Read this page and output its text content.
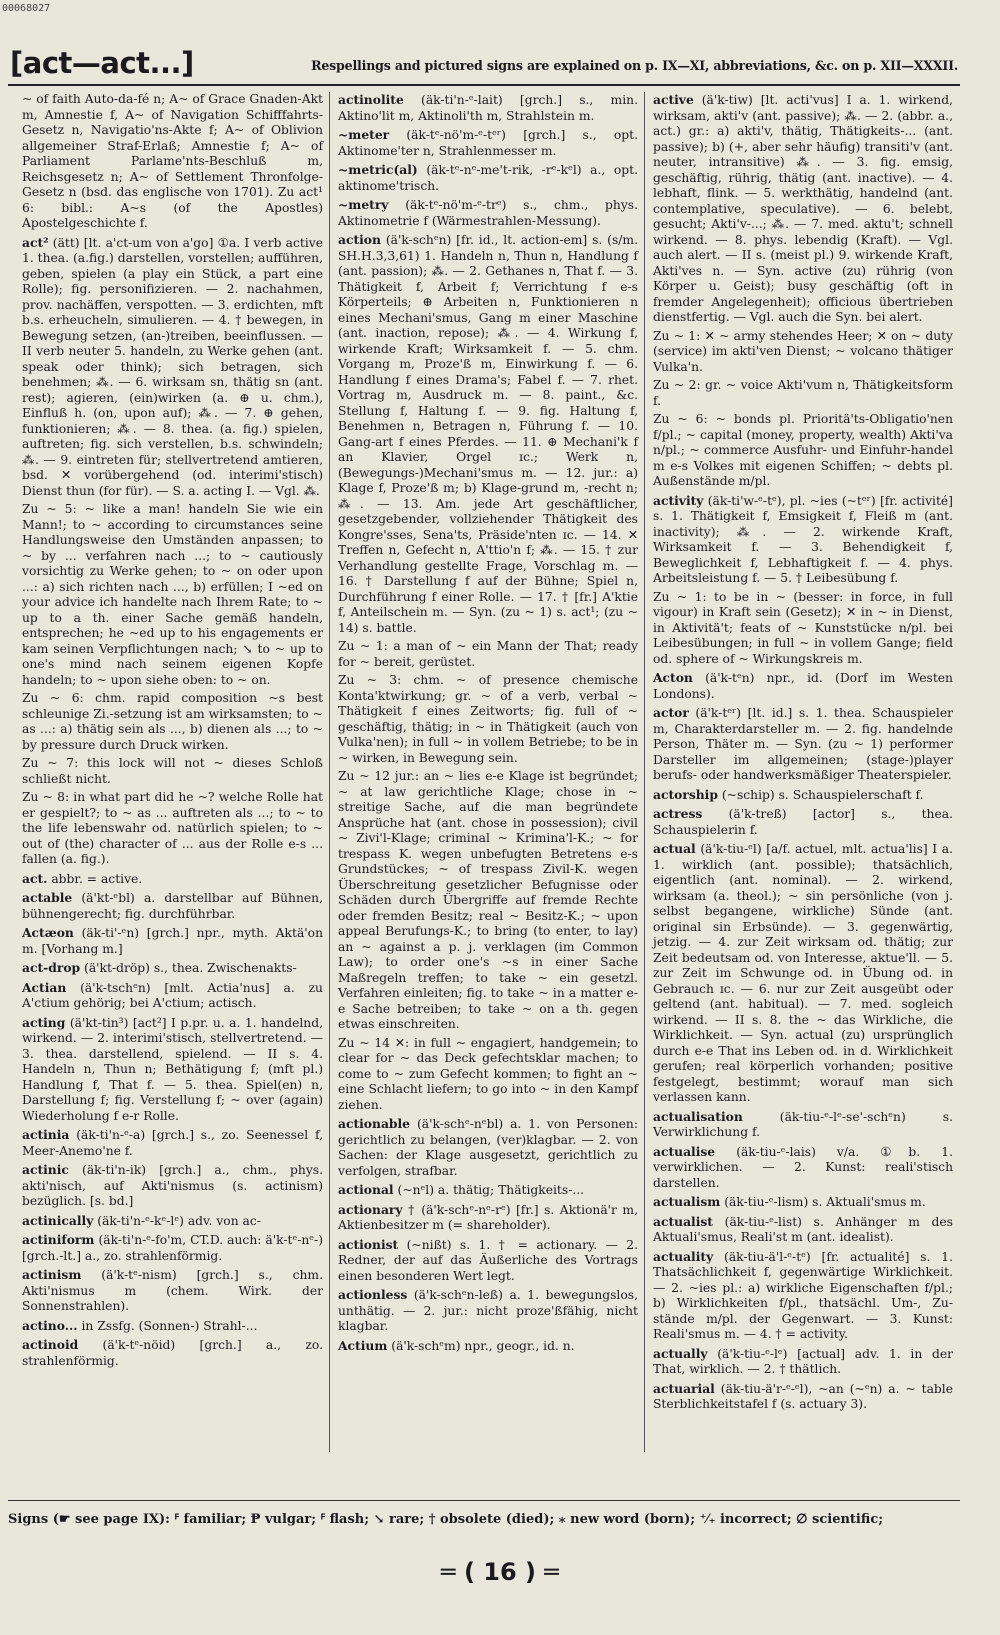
00068027
[act—act...]	Respellings and pictured signs are explained on p. IX—XI, abbreviations, &c. on p. XII—XXXII.

~ of faith Auto-da-fé n; A~ of Grace Gnaden-Akt m, Amnestie f, A~ of Navigation Schifffahrts-Gesetz n, Navigatio'ns-Akte f; A~ of Oblivion allgemeiner Straf-Erlaß; Amnestie f; A~ of Parliament Parlame'nts-Beschluß m, Reichsgesetz n; A~ of Settlement Thronfolge-Gesetz n (bsd. das englische von 1701). Zu act¹ 6: bibl.: A~s (of the Apostles) Apostelgeschichte f.

act² (ätt) [lt. a'ct-um von a'go] ①a. I verb active 1. thea. (a.fig.) darstellen, vorstellen; aufführen, geben, spielen (a play ein Stück, a part eine Rolle); fig. personifizieren. — 2. nachahmen, prov. nachäffen, verspotten. — 3. erdichten, mft b.s. erheucheln, simulieren. — 4. † bewegen, in Bewegung setzen, (an-)treiben, beeinflussen. — II verb neuter 5. handeln, zu Werke gehen (ant. speak oder think); sich betragen, sich benehmen; ⁂. — 6. wirksam sn, thätig sn (ant. rest); agieren, (ein)wirken (a. ⊕ u. chm.), Einfluß h. (on, upon auf); ⁂. — 7. ⊕ gehen, funktionieren; ⁂. — 8. thea. (a. fig.) spielen, auftreten; fig. sich verstellen, b.s. schwindeln; ⁂. — 9. eintreten für; stellvertretend amtieren, bsd. ✕ vorübergehend (od. interimi'stisch) Dienst thun (for für). — S. a. acting I. — Vgl. ⁂.

Zu ~ 5: ~ like a man! handeln Sie wie ein Mann!; to ~ according to circumstances seine Handlungsweise den Umständen anpassen; to ~ by ... verfahren nach ...; to ~ cautiously vorsichtig zu Werke gehen; to ~ on oder upon ...: a) sich richten nach ..., b) erfüllen; I ~ed on your advice ich handelte nach Ihrem Rate; to ~ up to a th. einer Sache gemäß handeln, entsprechen; he ~ed up to his engagements er kam seinen Verpflichtungen nach; ↘ to ~ up to one's mind nach seinem eigenen Kopfe handeln; to ~ upon siehe oben: to ~ on.

Zu ~ 6: chm. rapid composition ~s best schleunige Zi.-setzung ist am wirksamsten; to ~ as ...: a) thätig sein als ..., b) dienen als ...; to ~ by pressure durch Druck wirken.

Zu ~ 7: this lock will not ~ dieses Schloß schließt nicht.

Zu ~ 8: in what part did he ~? welche Rolle hat er gespielt?; to ~ as ... auftreten als ...; to ~ to the life lebenswahr od. natürlich spielen; to ~ out of (the) character of ... aus der Rolle e-s ... fallen (a. fig.).

act. abbr. = active.

actable (ä'kt-ᵉbl) a. darstellbar auf Bühnen, bühnengerecht; fig. durchführbar.

Actæon (äk-ti'-ᵉn) [grch.] npr., myth. Aktä'on m. [Vorhang m.]

act-drop (ä'kt-dröp) s., thea. Zwischenakts-

Actian (ä'k-tschᵉn) [mlt. Actia'nus] a. zu A'ctium gehörig; bei A'ctium; actisch.

acting (ä'kt-tin³) [act²] I p.pr. u. a. 1. handelnd, wirkend. — 2. interimi'stisch, stellvertretend. — 3. thea. darstellend, spielend. — II s. 4. Handeln n, Thun n; Bethätigung f; (mft pl.) Handlung f, That f. — 5. thea. Spiel(en) n, Darstellung f; fig. Verstellung f; ~ over (again) Wiederholung f e-r Rolle.

actinia (äk-ti'n-ᵉ-a) [grch.] s., zo. Seenessel f, Meer-Anemo'ne f.

actinic (äk-ti'n-ik) [grch.] a., chm., phys. akti'nisch, auf Akti'nismus (s. actinism) bezüglich. [s. bd.]

actinically (äk-ti'n-ᵉ-kᵉ-lᵉ) adv. von ac-

actiniform (äk-ti'n-ᵉ-fo'm, CT.D. auch: ä'k-tᵉ-nᵉ-) [grch.-lt.] a., zo. strahlenförmig.

actinism (ä'k-tᵉ-nism) [grch.] s., chm. Akti'nismus m (chem. Wirk. der Sonnenstrahlen).

actino... in Zssfg. (Sonnen-) Strahl-...

actinoid (ä'k-tᵉ-nöid) [grch.] a., zo. strahlenförmig.

actinolite (äk-ti'n-ᵉ-lait) [grch.] s., min. Aktino'lit m, Aktinoli'th m, Strahlstein m.

~meter (äk-tᵉ-nö'm-ᵉ-tᵉʳ) [grch.] s., opt. Aktinome'ter n, Strahlenmesser m.

~metric(al) (äk-tᵉ-nᵉ-me't-rik, -rᵉ-kᵉl) a., opt. aktinome'trisch.

~metry (äk-tᵉ-nö'm-ᵉ-trᵉ) s., chm., phys. Aktinometrie f (Wärmestrahlen-Messung).

action (ä'k-schᵉn) [fr. id., lt. action-em] s. (s/m. SH.H.3,3,61) 1. Handeln n, Thun n, Handlung f (ant. passion); ⁂. — 2. Gethanes n, That f. — 3. Thätigkeit f, Arbeit f; Verrichtung f e-s Körperteils; ⊕ Arbeiten n, Funktionieren n eines Mechani'smus, Gang m einer Maschine (ant. inaction, repose); ⁂. — 4. Wirkung f, wirkende Kraft; Wirksamkeit f. — 5. chm. Vorgang m, Proze'ß m, Einwirkung f. — 6. Handlung f eines Drama's; Fabel f. — 7. rhet. Vortrag m, Ausdruck m. — 8. paint., &c. Stellung f, Haltung f. — 9. fig. Haltung f, Benehmen n, Betragen n, Führung f. — 10. Gang-art f eines Pferdes. — 11. ⊕ Mechani'k f an Klavier, Orgel ɪc.; Werk n, (Bewegungs-)Mechani'smus m. — 12. jur.: a) Klage f, Proze'ß m; b) Klage-grund m, -recht n; ⁂. — 13. Am. jede Art geschäftlicher, gesetzgebender, vollziehender Thätigkeit des Kongre'sses, Sena'ts, Präside'nten ɪc. — 14. ✕ Treffen n, Gefecht n, A'ttio'n f; ⁂. — 15. † zur Verhandlung gestellte Frage, Vorschlag m. — 16. † Darstellung f auf der Bühne; Spiel n, Durchführung f einer Rolle. — 17. † [fr.] A'ktie f, Anteilschein m. — Syn. (zu ~ 1) s. act¹; (zu ~ 14) s. battle.

Zu ~ 1: a man of ~ ein Mann der That; ready for ~ bereit, gerüstet.

Zu ~ 3: chm. ~ of presence chemische Konta'ktwirkung; gr. ~ of a verb, verbal ~ Thätigkeit f eines Zeitworts; fig. full of ~ geschäftig, thätig; in ~ in Thätigkeit (auch von Vulka'nen); in full ~ in vollem Betriebe; to be in ~ wirken, in Bewegung sein.

Zu ~ 12 jur.: an ~ lies e-e Klage ist begründet; ~ at law gerichtliche Klage; chose in ~ streitige Sache, auf die man begründete Ansprüche hat (ant. chose in possession); civil ~ Zivi'l-Klage; criminal ~ Krimina'l-K.; ~ for trespass K. wegen unbefugten Betretens e-s Grundstückes; ~ of trespass Zivil-K. wegen Überschreitung gesetzlicher Befugnisse oder Schäden durch Übergriffe auf fremde Rechte oder fremden Besitz; real ~ Besitz-K.; ~ upon appeal Berufungs-K.; to bring (to enter, to lay) an ~ against a p. j. verklagen (im Common Law); to order one's ~s in einer Sache Maßregeln treffen; to take ~ ein gesetzl. Verfahren einleiten; fig. to take ~ in a matter e-e Sache betreiben; to take ~ on a th. gegen etwas einschreiten.

Zu ~ 14 ✕: in full ~ engagiert, handgemein; to clear for ~ das Deck gefechtsklar machen; to come to ~ zum Gefecht kommen; to fight an ~ eine Schlacht liefern; to go into ~ in den Kampf ziehen.

actionable (ä'k-schᵉ-nᵉbl) a. 1. von Personen: gerichtlich zu belangen, (ver)klagbar. — 2. von Sachen: der Klage ausgesetzt, gerichtlich zu verfolgen, strafbar.

actional (~nᵉl) a. thätig; Thätigkeits-...

actionary † (ä'k-schᵉ-nᵉ-rᵉ) [fr.] s. Aktionä'r m, Aktienbesitzer m (= shareholder).

actionist (~nißt) s. 1. † = actionary. — 2. Redner, der auf das Äußerliche des Vortrags einen besonderen Wert legt.

actionless (ä'k-schᵉn-leß) a. 1. bewegungslos, unthätig. — 2. jur.: nicht proze'ßfähig, nicht klagbar.

Actium (ä'k-schᵉm) npr., geogr., id. n.

active (ä'k-tiw) [lt. acti'vus] I a. 1. wirkend, wirksam, akti'v (ant. passive); ⁂. — 2. (abbr. a., act.) gr.: a) akti'v, thätig, Thätigkeits-... (ant. passive); b) (+, aber sehr häufig) transiti'v (ant. neuter, intransitive) ⁂. — 3. fig. emsig, geschäftig, rührig, thätig (ant. inactive). — 4. lebhaft, flink. — 5. werkthätig, handelnd (ant. contemplative, speculative). — 6. belebt, gesucht; Akti'v-...; ⁂. — 7. med. aktu't; schnell wirkend. — 8. phys. lebendig (Kraft). — Vgl. auch alert. — II s. (meist pl.) 9. wirkende Kraft, Akti'ves n. — Syn. active (zu) rührig (von Körper u. Geist); busy geschäftig (oft in fremder Angelegenheit); officious übertrieben dienstfertig. — Vgl. auch die Syn. bei alert.

Zu ~ 1: ✕ ~ army stehendes Heer; ✕ on ~ duty (service) im akti'ven Dienst; ~ volcano thätiger Vulka'n.

Zu ~ 2: gr. ~ voice Akti'vum n, Thätigkeitsform f.

Zu ~ 6: ~ bonds pl. Prioritä'ts-Obligatio'nen f/pl.; ~ capital (money, property, wealth) Akti'va n/pl.; ~ commerce Ausfuhr- und Einfuhr-handel m e-s Volkes mit eigenen Schiffen; ~ debts pl. Außenstände m/pl.

activity (äk-ti'w-ᵉ-tᵉ), pl. ~ies (~tᵉʳ) [fr. activité] s. 1. Thätigkeit f, Emsigkeit f, Fleiß m (ant. inactivity); ⁂. — 2. wirkende Kraft, Wirksamkeit f. — 3. Behendigkeit f, Beweglichkeit f, Lebhaftigkeit f. — 4. phys. Arbeitsleistung f. — 5. † Leibesübung f.

Zu ~ 1: to be in ~ (besser: in force, in full vigour) in Kraft sein (Gesetz); ✕ in ~ in Dienst, in Aktivitä't; feats of ~ Kunststücke n/pl. bei Leibesübungen; in full ~ in vollem Gange; field od. sphere of ~ Wirkungskreis m.

Acton (ä'k-tᵉn) npr., id. (Dorf im Westen Londons).

actor (ä'k-tᵉʳ) [lt. id.] s. 1. thea. Schauspieler m, Charakterdarsteller m. — 2. fig. handelnde Person, Thäter m. — Syn. (zu ~ 1) performer Darsteller im allgemeinen; (stage-)player berufs- oder handwerksmäßiger Theaterspieler.

actorship (~schip) s. Schauspielerschaft f.

actress (ä'k-treß) [actor] s., thea. Schauspielerin f.

actual (ä'k-tiu-ᵉl) [a/f. actuel, mlt. actua'lis] I a. 1. wirklich (ant. possible); thatsächlich, eigentlich (ant. nominal). — 2. wirkend, wirksam (a. theol.); ~ sin persönliche (von j. selbst begangene, wirkliche) Sünde (ant. original sin Erbsünde). — 3. gegenwärtig, jetzig. — 4. zur Zeit wirksam od. thätig; zur Zeit bedeutsam od. von Interesse, aktue'll. — 5. zur Zeit im Schwunge od. in Übung od. in Gebrauch ɪc. — 6. nur zur Zeit ausgeübt oder geltend (ant. habitual). — 7. med. sogleich wirkend. — II s. 8. the ~ das Wirkliche, die Wirklichkeit. — Syn. actual (zu) ursprünglich durch e-e That ins Leben od. in d. Wirklichkeit gerufen; real körperlich vorhanden; positive festgelegt, bestimmt; worauf man sich verlassen kann.

actualisation	(äk-tiu-ᵉ-lᵉ-se'-schᵉn) s. Verwirklichung f.

actualise (äk-tiu-ᵉ-lais) v/a. ①b. 1. verwirklichen. — 2. Kunst: reali'stisch darstellen.

actualism (äk-tiu-ᵉ-lism) s. Aktuali'smus m.

actualist (äk-tiu-ᵉ-list) s. Anhänger m des Aktuali'smus, Reali'st m (ant. idealist).

actuality (äk-tiu-ä'l-ᵉ-tᵉ) [fr. actualité] s. 1. Thatsächlichkeit f, gegenwärtige Wirklichkeit. — 2. ~ies pl.: a) wirkliche Eigenschaften f/pl.; b) Wirklichkeiten f/pl., thatsächl. Um-, Zu-stände m/pl. der Gegenwart. — 3. Kunst: Reali'smus m. — 4. † = activity.

actually (ä'k-tiu-ᵉ-lᵉ) [actual] adv. 1. in der That, wirklich. — 2. † thätlich.

actuarial (äk-tiu-ä'r-ᵉ-ᵉl), ~an (~ᵉn) a. ~ table Sterblichkeitstafel f (s. actuary 3).

Signs (☛ see page IX): ꟳ familiar; Ᵽ vulgar; ꟳ flash; ↘ rare; † obsolete (died); ⁎ new word (born); ⁺⁄₊ incorrect; ∅ scientific;
═ ( 16 ) ═
